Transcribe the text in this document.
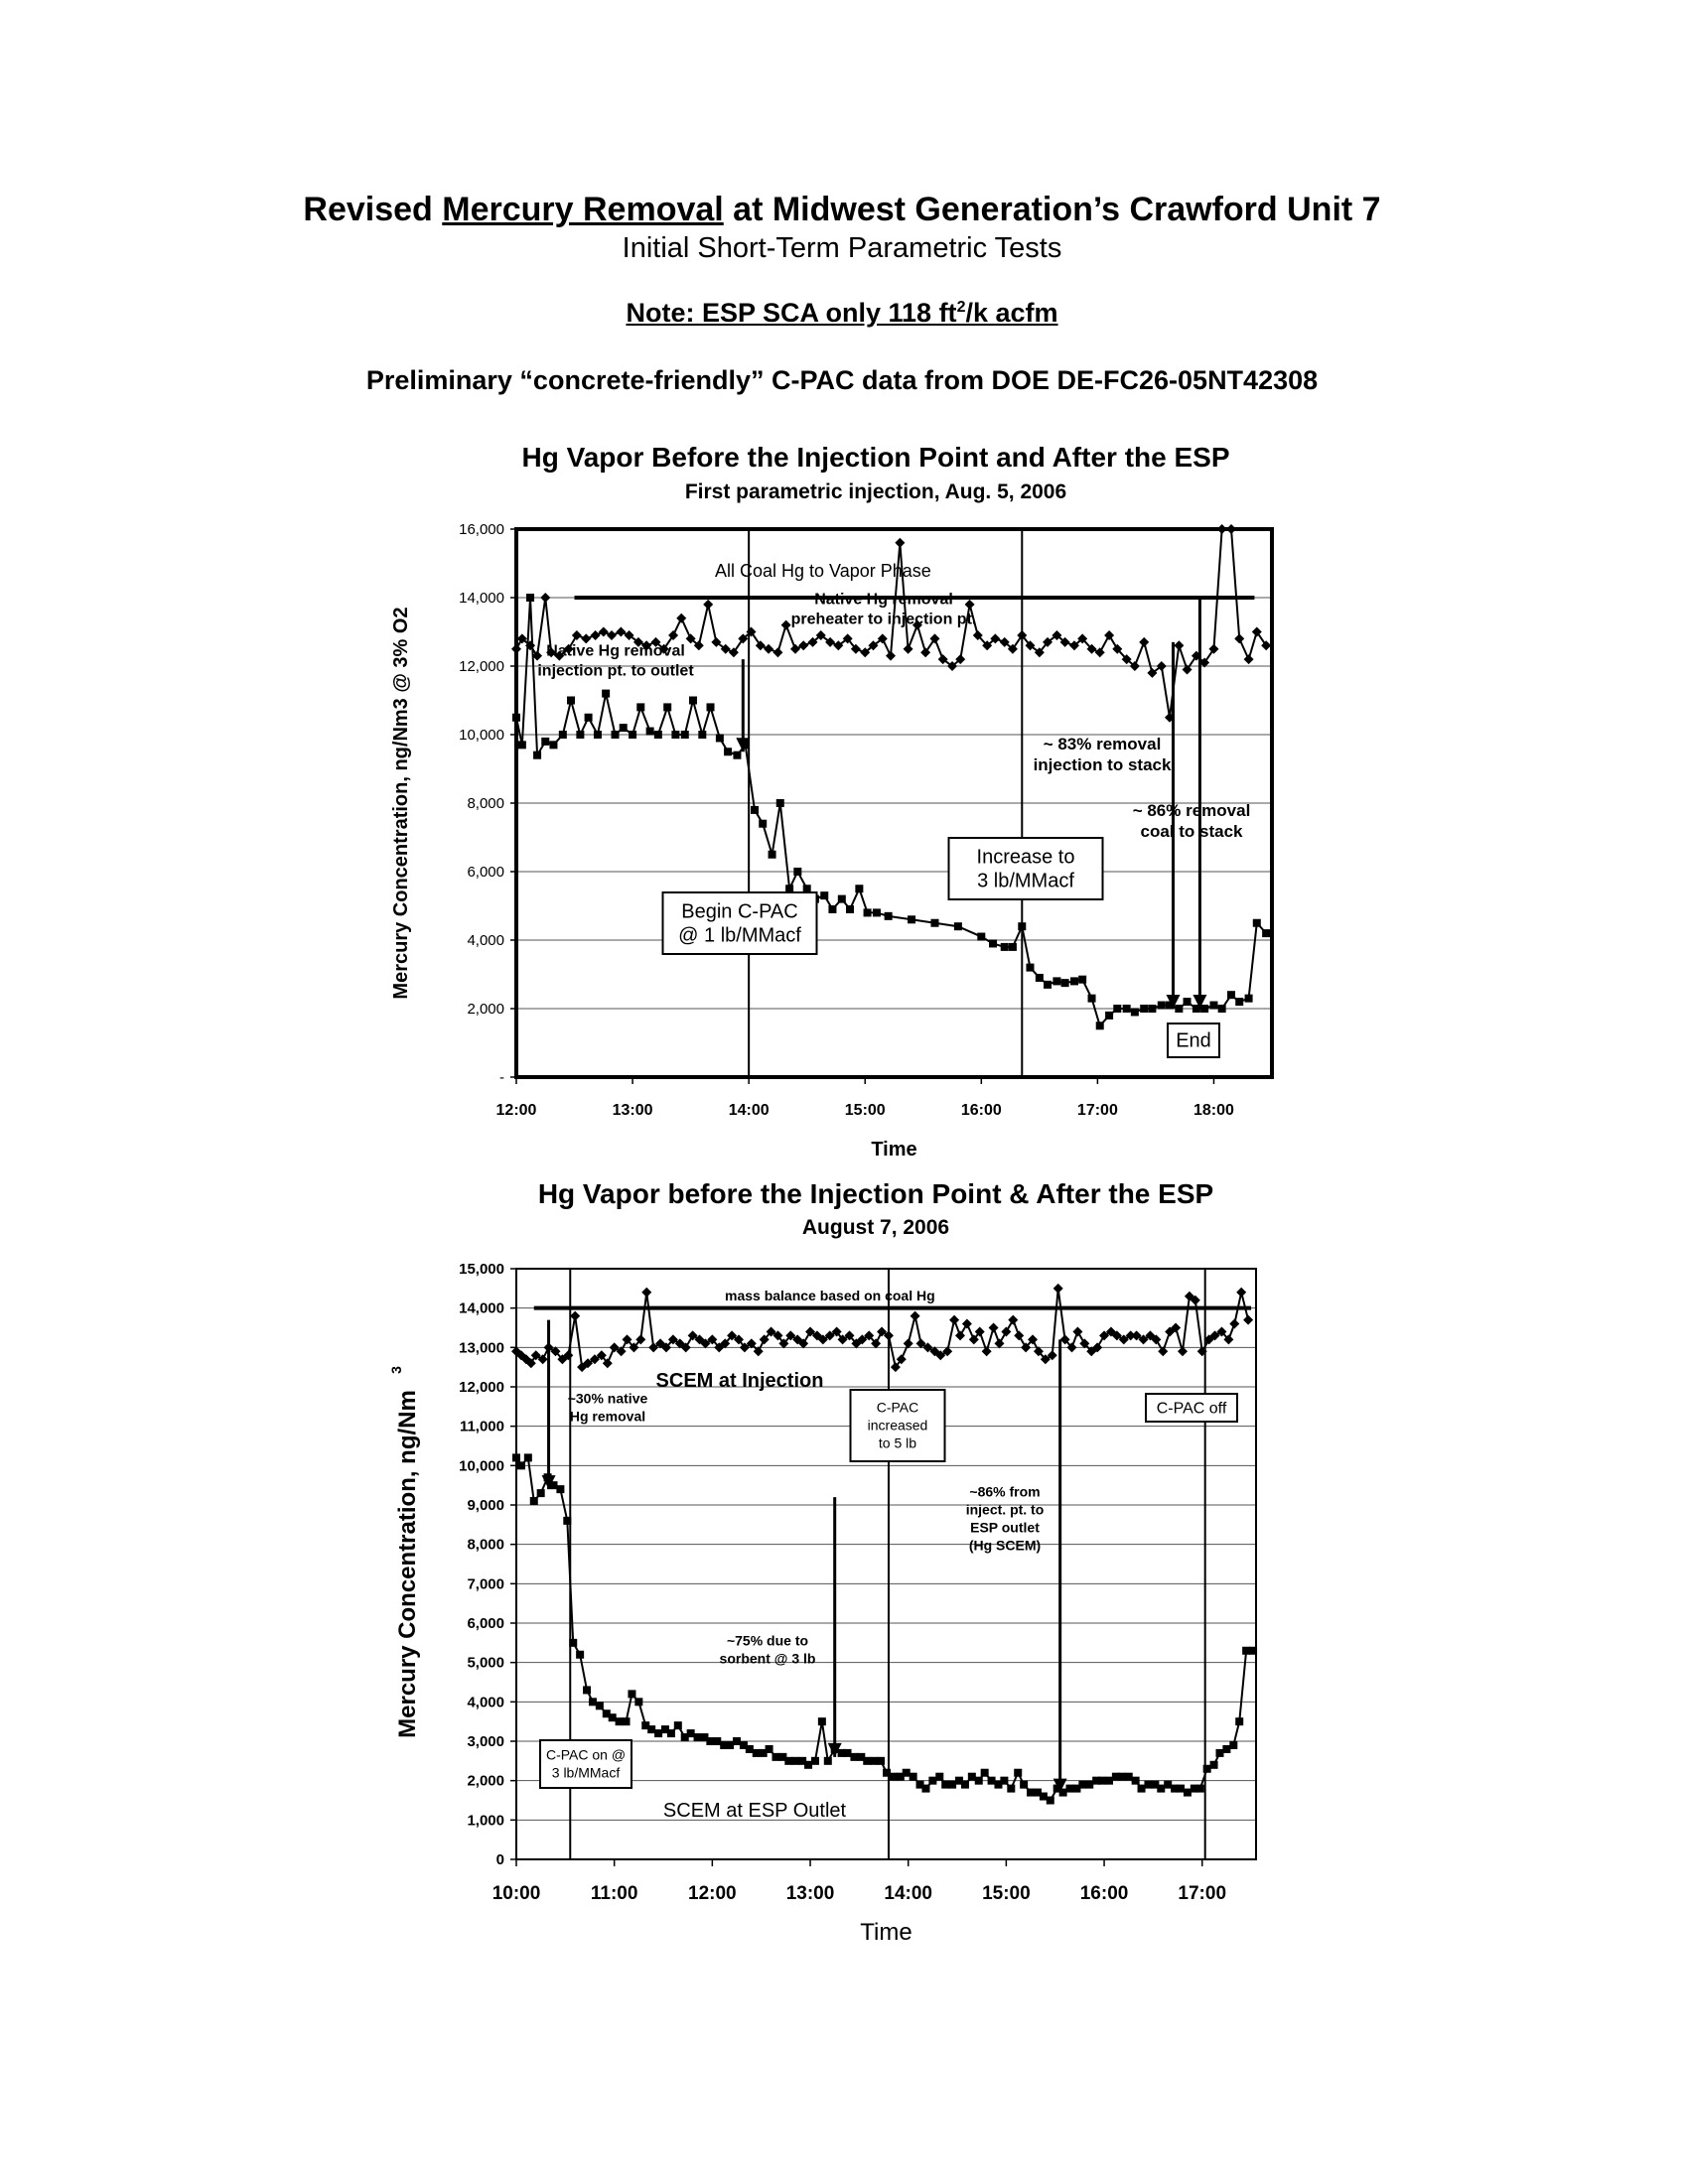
Revised Mercury Removal at Midwest Generation’s Crawford Unit 7
Initial Short-Term Parametric Tests
Note: ESP SCA only 118 $ft^2/k$ acfm
Preliminary “concrete-friendly” C-PAC data from DOE DE-FC26-05NT42308
Hg Vapor Before the Injection Point and After the ESP
First parametric injection, Aug. 5, 2006
-
2,000
4,000
6,000
8,000
10,000
12,000
14,000
16,000
12:00	13:00	14:00	15:00	16:00	17:00	18:00
Time
Mercury Concentration, ng/Nm3 @ 3% O2
All Coal Hg to Vapor Phase
Native Hg removal preheater to injection pt.
Native Hg removal injection pt. to outlet
~ 83% removal injection to stack
~ 86% removal coal to stack
Begin C-PAC @ 1 lb/MMacf
Increase to 3 lb/MMacf
End
Hg Vapor before the Injection Point & After the ESP
August 7, 2006
0
1,000
2,000
3,000
4,000
5,000
6,000
7,000
8,000
9,000
10,000
11,000
12,000
13,000
14,000
15,000
10:00	11:00	12:00	13:00	14:00	15:00	16:00	17:00
Time
Mercury Concentration, ng/Nm
3
mass balance based on coal Hg
SCEM at Injection
SCEM at ESP Outlet
~30% native Hg removal
~75% due to sorbent @ 3 lb
~86% from inject. pt. to ESP outlet (Hg SCEM)
C-PAC increased to 5 lb
C-PAC off
C-PAC on @ 3 lb/MMacf
